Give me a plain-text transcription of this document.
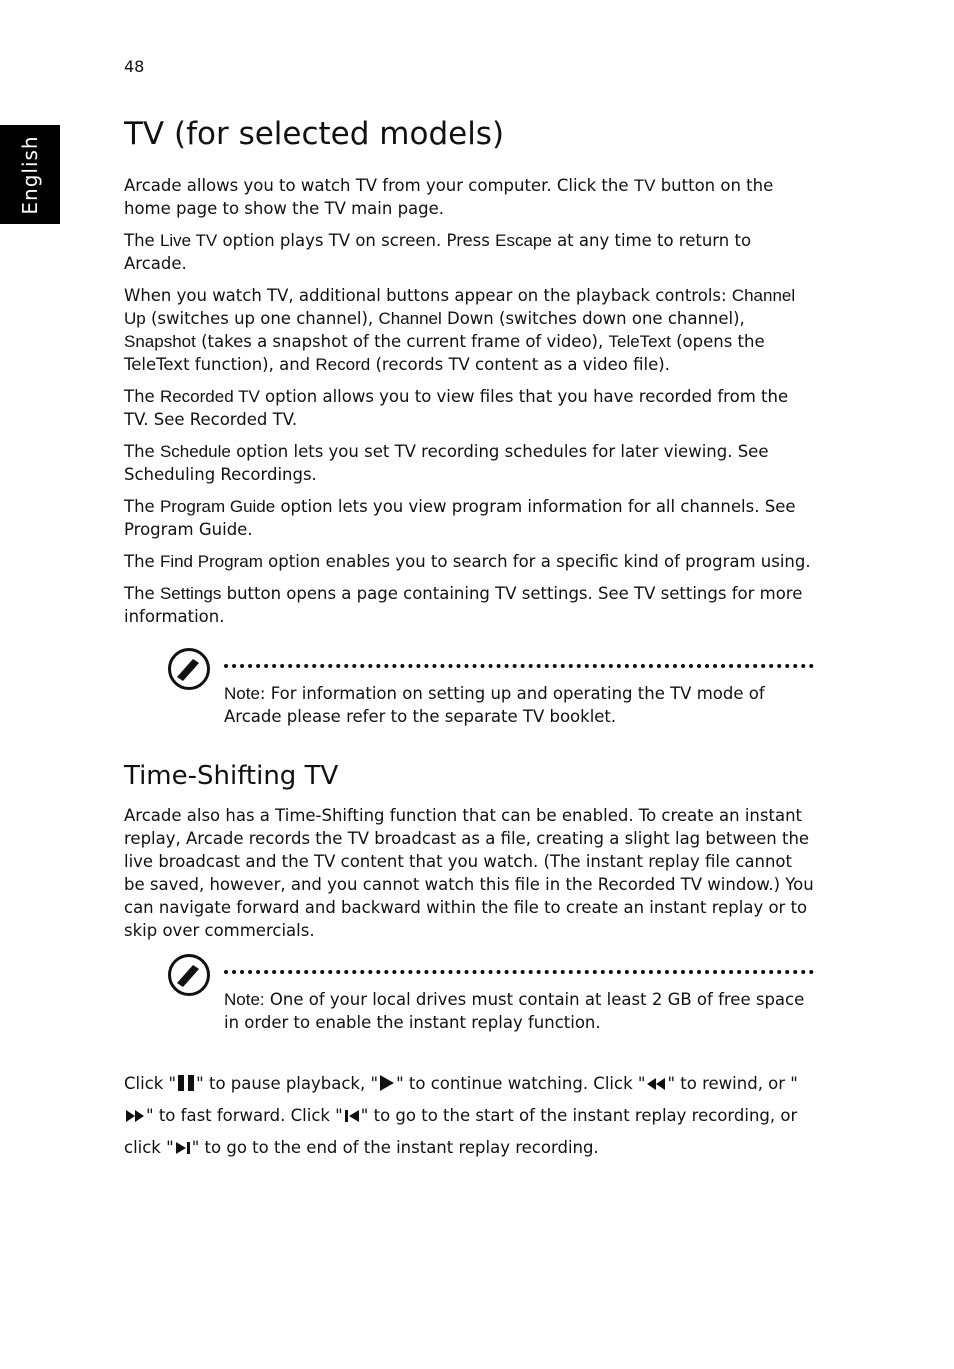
48
English
TV (for selected models)

Arcade allows you to watch TV from your computer. Click the TV button on the home page to show the TV main page.

The Live TV option plays TV on screen. Press Escape at any time to return to Arcade.

When you watch TV, additional buttons appear on the playback controls: Channel Up (switches up one channel), Channel Down (switches down one channel), Snapshot (takes a snapshot of the current frame of video), TeleText (opens the TeleText function), and Record (records TV content as a video file).

The Recorded TV option allows you to view files that you have recorded from the TV. See Recorded TV.

The Schedule option lets you set TV recording schedules for later viewing. See Scheduling Recordings.

The Program Guide option lets you view program information for all channels. See Program Guide.

The Find Program option enables you to search for a specific kind of program using.

The Settings button opens a page containing TV settings. See TV settings for more information.

Note: For information on setting up and operating the TV mode of Arcade please refer to the separate TV booklet.
Time-Shifting TV

Arcade also has a Time-Shifting function that can be enabled. To create an instant replay, Arcade records the TV broadcast as a file, creating a slight lag between the live broadcast and the TV content that you watch. (The instant replay file cannot be saved, however, and you cannot watch this file in the Recorded TV window.) You can navigate forward and backward within the file to create an instant replay or to skip over commercials.

Note: One of your local drives must contain at least 2 GB of free space in order to enable the instant replay function.

Click " " to pause playback, " " to continue watching. Click " " to rewind, or "" to fast forward. Click " " to go to the start of the instant replay recording, or click " " to go to the end of the instant replay recording.
